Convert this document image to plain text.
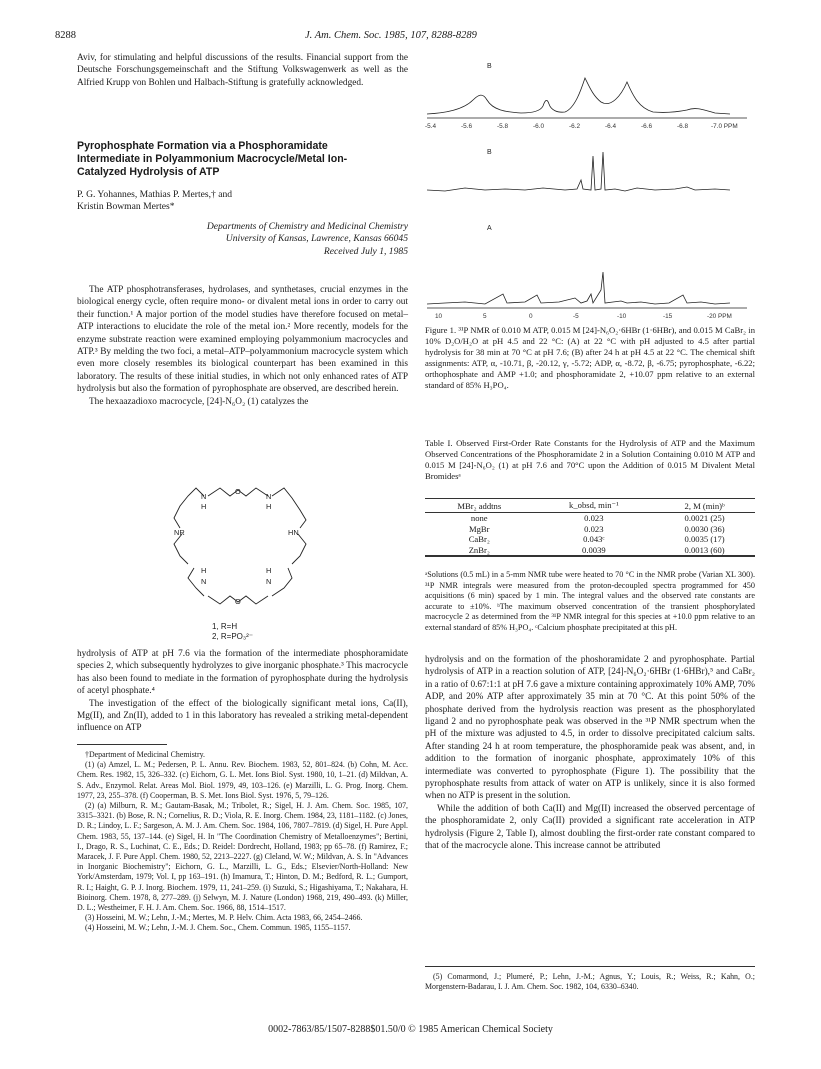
8288	J. Am. Chem. Soc. 1985, 107, 8288-8289

Aviv, for stimulating and helpful discussions of the results. Financial support from the Deutsche Forschungsgemeinschaft and the Stiftung Volkswagenwerk as well as the Alfried Krupp von Bohlen und Halbach-Stiftung is gratefully acknowledged.

Pyrophosphate Formation via a Phosphoramidate Intermediate in Polyammonium Macrocycle/Metal Ion-Catalyzed Hydrolysis of ATP
P. G. Yohannes, Mathias P. Mertes,† and
Kristin Bowman Mertes*
Departments of Chemistry and Medicinal Chemistry
University of Kansas, Lawrence, Kansas 66045
Received July 1, 1985

The ATP phosphotransferases, hydrolases, and synthetases, crucial enzymes in the biological energy cycle, often require mono- or divalent metal ions in order to carry out their function.¹ A major portion of the model studies have therefore focused on metal–ATP interactions to elucidate the role of the metal ion.² More recently, models for the enzyme substrate reaction were examined employing polyammonium macrocycles and ATP.³ By melding the two foci, a metal–ATP–polyammonium macrocycle system which even more closely resembles its biological counterpart has been examined in this laboratory. The results of these initial studies, in which not only enhanced rates of ATP hydrolysis but also the formation of pyrophosphate are observed, are described herein.

The hexaazadioxo macrocycle, [24]-N₆O₂ (1) catalyzes the

N
O
N
H	H
NR	HN
H	H
N
O
N
1, R=H
2, R=PO₃²⁻

hydrolysis of ATP at pH 7.6 via the formation of the intermediate phosphoramidate species 2, which subsequently hydrolyzes to give inorganic phosphate.³ This macrocycle has also been found to mediate in the formation of pyrophosphate during the hydrolysis of acetyl phosphate.⁴

The investigation of the effect of the biologically significant metal ions, Ca(II), Mg(II), and Zn(II), added to 1 in this laboratory has revealed a striking metal-dependent influence on ATP

†Department of Medicinal Chemistry.

(1) (a) Amzel, L. M.; Pedersen, P. L. Annu. Rev. Biochem. 1983, 52, 801–824. (b) Cohn, M. Acc. Chem. Res. 1982, 15, 326–332. (c) Eichorn, G. L. Met. Ions Biol. Syst. 1980, 10, 1–21. (d) Mildvan, A. S. Adv., Enzymol. Relat. Areas Mol. Biol. 1979, 49, 103–126. (e) Marzilli, L. G. Prog. Inorg. Chem. 1977, 23, 255–378. (f) Cooperman, B. S. Met. Ions Biol. Syst. 1976, 5, 79–126.

(2) (a) Milburn, R. M.; Gautam-Basak, M.; Tribolet, R.; Sigel, H. J. Am. Chem. Soc. 1985, 107, 3315–3321. (b) Bose, R. N.; Cornelius, R. D.; Viola, R. E. Inorg. Chem. 1984, 23, 1181–1182. (c) Jones, D. R.; Lindoy, L. F.; Sargeson, A. M. J. Am. Chem. Soc. 1984, 106, 7807–7819. (d) Sigel, H. Pure Appl. Chem. 1983, 55, 137–144. (e) Sigel, H. In "The Coordination Chemistry of Metalloenzymes"; Bertini, I., Drago, R. S., Luchinat, C. E., Eds.; D. Reidel: Dordrecht, Holland, 1983; pp 65–78. (f) Ramirez, F.; Maracek, J. F. Pure Appl. Chem. 1980, 52, 2213–2227. (g) Cleland, W. W.; Mildvan, A. S. In "Advances in Inorganic Biochemistry"; Eichorn, G. L., Marzilli, L. G., Eds.; Elsevier/North-Holland: New York/Amsterdam, 1979; Vol. I, pp 163–191. (h) Imamura, T.; Hinton, D. M.; Bedford, R. L.; Gumport, R. I.; Haight, G. P. J. Inorg. Biochem. 1979, 11, 241–259. (i) Suzuki, S.; Higashiyama, T.; Nakahara, H. Bioinorg. Chem. 1978, 8, 277–289. (j) Selwyn, M. J. Nature (London) 1968, 219, 490–493. (k) Miller, D. L.; Westheimer, F. H. J. Am. Chem. Soc. 1966, 88, 1514–1517.

(3) Hosseini, M. W.; Lehn, J.-M.; Mertes, M. P. Helv. Chim. Acta 1983, 66, 2454–2466.

(4) Hosseini, M. W.; Lehn, J.-M. J. Chem. Soc., Chem. Commun. 1985, 1155–1157.

B
-5.4	-5.6	-5.8	-6.0	-6.2	-6.4	-6.6	-6.8	-7.0 PPM
B
A
10	5	0	-5	-10	-15	-20 PPM
Figure 1. ³¹P NMR of 0.010 M ATP, 0.015 M [24]-N₆O₂·6HBr (1·6HBr), and 0.015 M CaBr₂ in 10% D₂O/H₂O at pH 4.5 and 22 °C: (A) at 22 °C with pH adjusted to 4.5 after partial hydrolysis for 38 min at 70 °C at pH 7.6; (B) after 24 h at pH 4.5 at 22 °C. The chemical shift assignments: ATP, α, -10.71, β, -20.12, γ, -5.72; ADP, α, -8.72, β, -6.75; pyrophosphate, -6.22; orthophosphate and AMP +1.0; and phosphoramidate 2, +10.07 ppm relative to an external standard of 85% H₃PO₄.
Table I. Observed First-Order Rate Constants for the Hydrolysis of ATP and the Maximum Observed Concentrations of the Phosphoramidate 2 in a Solution Containing 0.010 M ATP and 0.015 M [24]-N₆O₂ (1) at pH 7.6 and 70°C upon the Addition of 0.015 M Divalent Metal Bromidesᵃ
MBr₂ addtns	k_obsd, min⁻¹	2, M (min)ᵇ
none	0.023	0.0021 (25)
MgBr	0.023	0.0030 (36)
CaBr₂	0.043ᶜ	0.0035 (17)
ZnBr₂	0.0039	0.0013 (60)
ᵃSolutions (0.5 mL) in a 5-mm NMR tube were heated to 70 °C in the NMR probe (Varian XL 300). ³¹P NMR integrals were measured from the proton-decoupled spectra programmed for 450 acquisitions (6 min) spaced by 1 min. The integral values and the observed rate constants are accurate to ±10%. ᵇThe maximum observed concentration of the transient phosphorylated macrocycle 2 as determined from the ³¹P NMR integral for this species at +10.0 ppm relative to an external standard of 85% H₃PO₄. ᶜCalcium phosphate precipitated at this pH.

hydrolysis and on the formation of the phoshoramidate 2 and pyrophosphate. Partial hydrolysis of ATP in a reaction solution of ATP, [24]-N₆O₂·6HBr (1·6HBr),⁵ and CaBr₂ in a ratio of 0.67:1:1 at pH 7.6 gave a mixture containing approximately 10% AMP, 70% ADP, and 20% ATP after approximately 35 min at 70 °C. At this point 50% of the phosphate derived from the hydrolysis reaction was present as the phosphorylated ligand 2 and no pyrophosphate peak was observed in the ³¹P NMR spectrum when the pH of the mixture was adjusted to 4.5, in order to dissolve precipitated calcium salts. After standing 24 h at room temperature, the phosphoramide peak was absent, and, in addition to the formation of inorganic phosphate, approximately 10% of this intermediate was converted to pyrophosphate (Figure 1). The possibility that the pyrophosphate results from attack of water on ATP is unlikely, since it is also formed when no ATP is present in the solution.

While the addition of both Ca(II) and Mg(II) increased the observed percentage of the phosphoramidate 2, only Ca(II) provided a significant rate acceleration in ATP hydrolysis (Figure 2, Table I), almost doubling the first-order rate constant compared to that of the macrocycle alone. This increase cannot be attributed

(5) Comarmond, J.; Plumeré, P.; Lehn, J.-M.; Agnus, Y.; Louis, R.; Weiss, R.; Kahn, O.; Morgenstern-Badarau, I. J. Am. Chem. Soc. 1982, 104, 6330–6340.

0002-7863/85/1507-8288$01.50/0 © 1985 American Chemical Society
